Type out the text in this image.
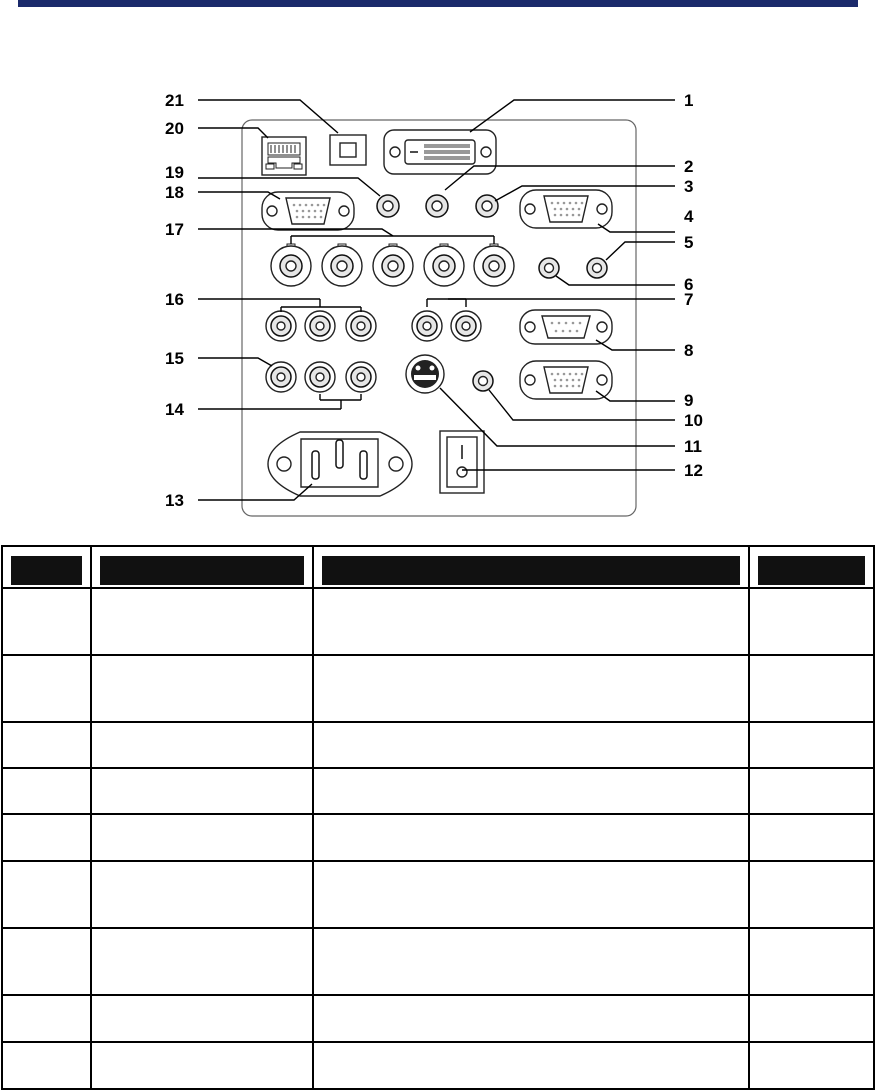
1
2
3
4
5
6
7
8
9
10
11
12
13
14
15
16
17
18
19
20
21
